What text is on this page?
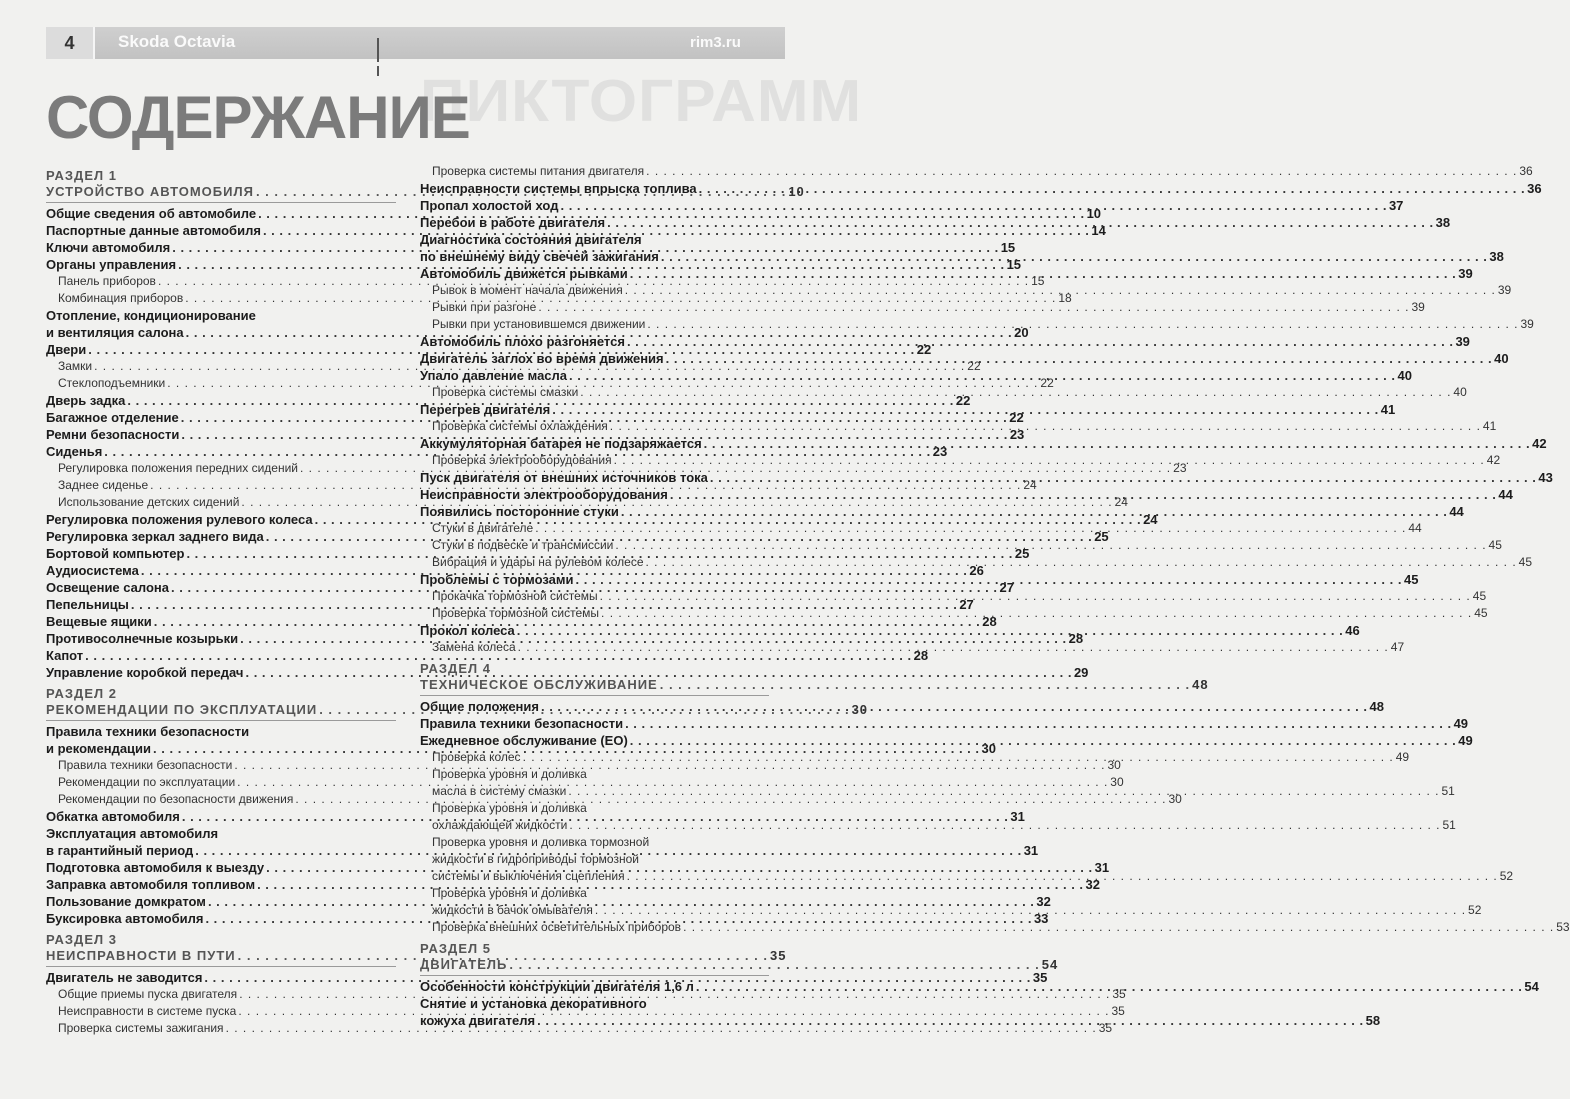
4	Skoda Octavia	rim3.ru
ПИКТОГРАММ
СОДЕРЖАНИЕ
РАЗДЕЛ 1
УСТРОЙСТВО АВТОМОБИЛЯ . . .	10
Общие сведения об автомобиле . . .	10
Паспортные данные автомобиля . . .	14
Ключи автомобиля . . .	15
Органы управления . . .	15
Панель приборов . . .	15
Комбинация приборов . . .	18
Отопление, кондиционирование
и вентиляция салона . . .	20
Двери . . .	22
Замки . . .	22
Стеклоподъемники . . .	22
Дверь задка . . .	22
Багажное отделение . . .	22
Ремни безопасности . . .	23
Сиденья . . .	23
Регулировка положения передних сидений . . .	23
Заднее сиденье . . .	24
Использование детских сидений . . .	24
Регулировка положения рулевого колеса . . .	24
Регулировка зеркал заднего вида . . .	25
Бортовой компьютер . . .	25
Аудиосистема . . .	26
Освещение салона . . .	27
Пепельницы . . .	27
Вещевые ящики . . .	28
Противосолнечные козырьки . . .	28
Капот . . .	28
Управление коробкой передач . . .	29
РАЗДЕЛ 2
РЕКОМЕНДАЦИИ ПО ЭКСПЛУАТАЦИИ . . .	30
Правила техники безопасности
и рекомендации . . .	30
Правила техники безопасности . . .	30
Рекомендации по эксплуатации . . .	30
Рекомендации по безопасности движения . . .	30
Обкатка автомобиля . . .	31
Эксплуатация автомобиля
в гарантийный период . . .	31
Подготовка автомобиля к выезду . . .	31
Заправка автомобиля топливом . . .	32
Пользование домкратом . . .	32
Буксировка автомобиля . . .	33
РАЗДЕЛ 3
НЕИСПРАВНОСТИ В ПУТИ . . .	35
Двигатель не заводится . . .	35
Общие приемы пуска двигателя . . .	35
Неисправности в системе пуска . . .	35
Проверка системы зажигания . . .	35
Проверка системы питания двигателя . . .	36
Неисправности системы впрыска топлива . . .	36
Пропал холостой ход . . .	37
Перебои в работе двигателя . . .	38
Диагностика состояния двигателя
по внешнему виду свечей зажигания . . .	38
Автомобиль движется рывками . . .	39
Рывок в момент начала движения . . .	39
Рывки при разгоне . . .	39
Рывки при установившемся движении . . .	39
Автомобиль плохо разгоняется . . .	39
Двигатель заглох во время движения . . .	40
Упало давление масла . . .	40
Проверка системы смазки . . .	40
Перегрев двигателя . . .	41
Проверка системы охлаждения . . .	41
Аккумуляторная батарея не подзаряжается . . .	42
Проверка электрооборудования . . .	42
Пуск двигателя от внешних источников тока . . .	43
Неисправности электрооборудования . . .	44
Появились посторонние стуки . . .	44
Стуки в двигателе . . .	44
Стуки в подвеске и трансмиссии . . .	45
Вибрация и удары на рулевом колесе . . .	45
Проблемы с тормозами . . .	45
Прокачка тормозной системы . . .	45
Проверка тормозной системы . . .	45
Прокол колеса . . .	46
Замена колеса . . .	47
РАЗДЕЛ 4
ТЕХНИЧЕСКОЕ ОБСЛУЖИВАНИЕ . . .	48
Общие положения . . .	48
Правила техники безопасности . . .	49
Ежедневное обслуживание (ЕО) . . .	49
Проверка колес . . .	49
Проверка уровня и доливка
масла в систему смазки . . .	51
Проверка уровня и доливка
охлаждающей жидкости . . .	51
Проверка уровня и доливка тормозной
жидкости в гидроприводы тормозной
системы и выключения сцепления . . .	52
Проверка уровня и доливка
жидкости в бачок омывателя . . .	52
Проверка внешних осветительных приборов . . .	53
РАЗДЕЛ 5
ДВИГАТЕЛЬ . . .	54
Особенности конструкции двигателя 1,6 л . . .	54
Снятие и установка декоративного
кожуха двигателя . . .	58
